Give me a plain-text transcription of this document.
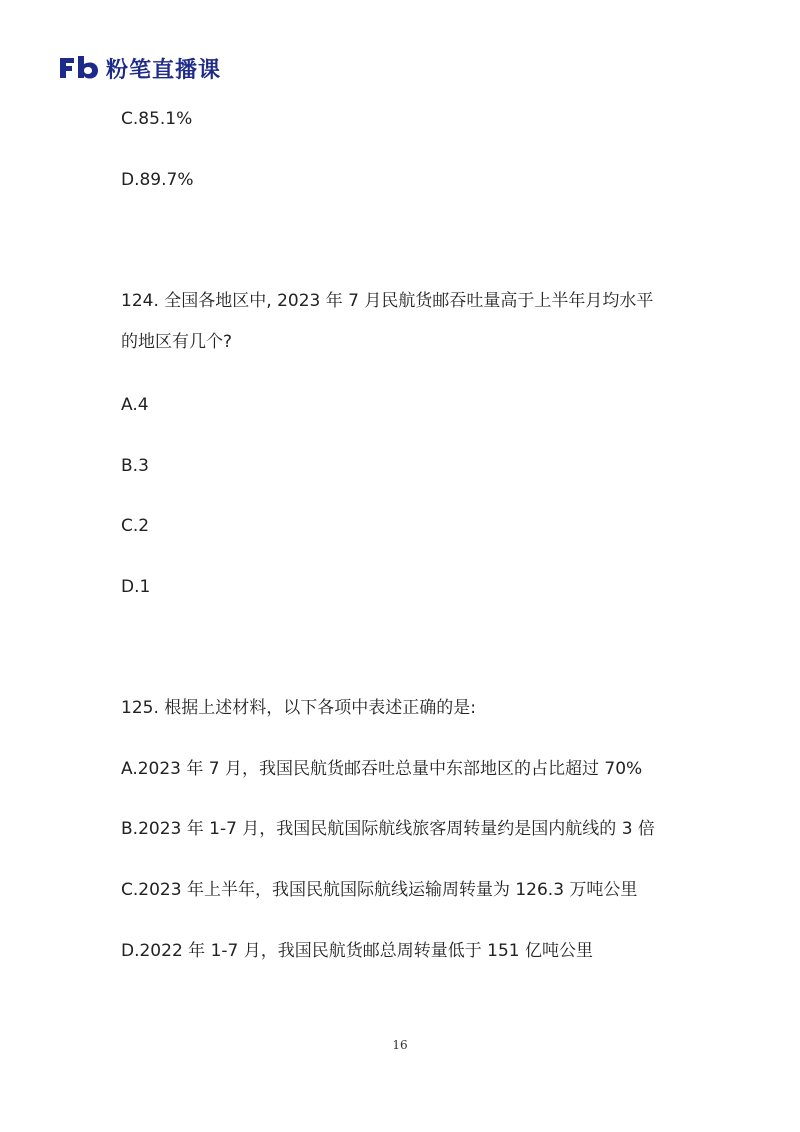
粉笔直播课
C.85.1%
D.89.7%
124. 全国各地区中, 2023 年 7 月民航货邮吞吐量高于上半年月均水平
的地区有几个?
A.4
B.3
C.2
D.1
125. 根据上述材料，以下各项中表述正确的是:
A.2023 年 7 月，我国民航货邮吞吐总量中东部地区的占比超过 70%
B.2023 年 1-7 月，我国民航国际航线旅客周转量约是国内航线的 3 倍
C.2023 年上半年，我国民航国际航线运输周转量为 126.3 万吨公里
D.2022 年 1-7 月，我国民航货邮总周转量低于 151 亿吨公里
16
